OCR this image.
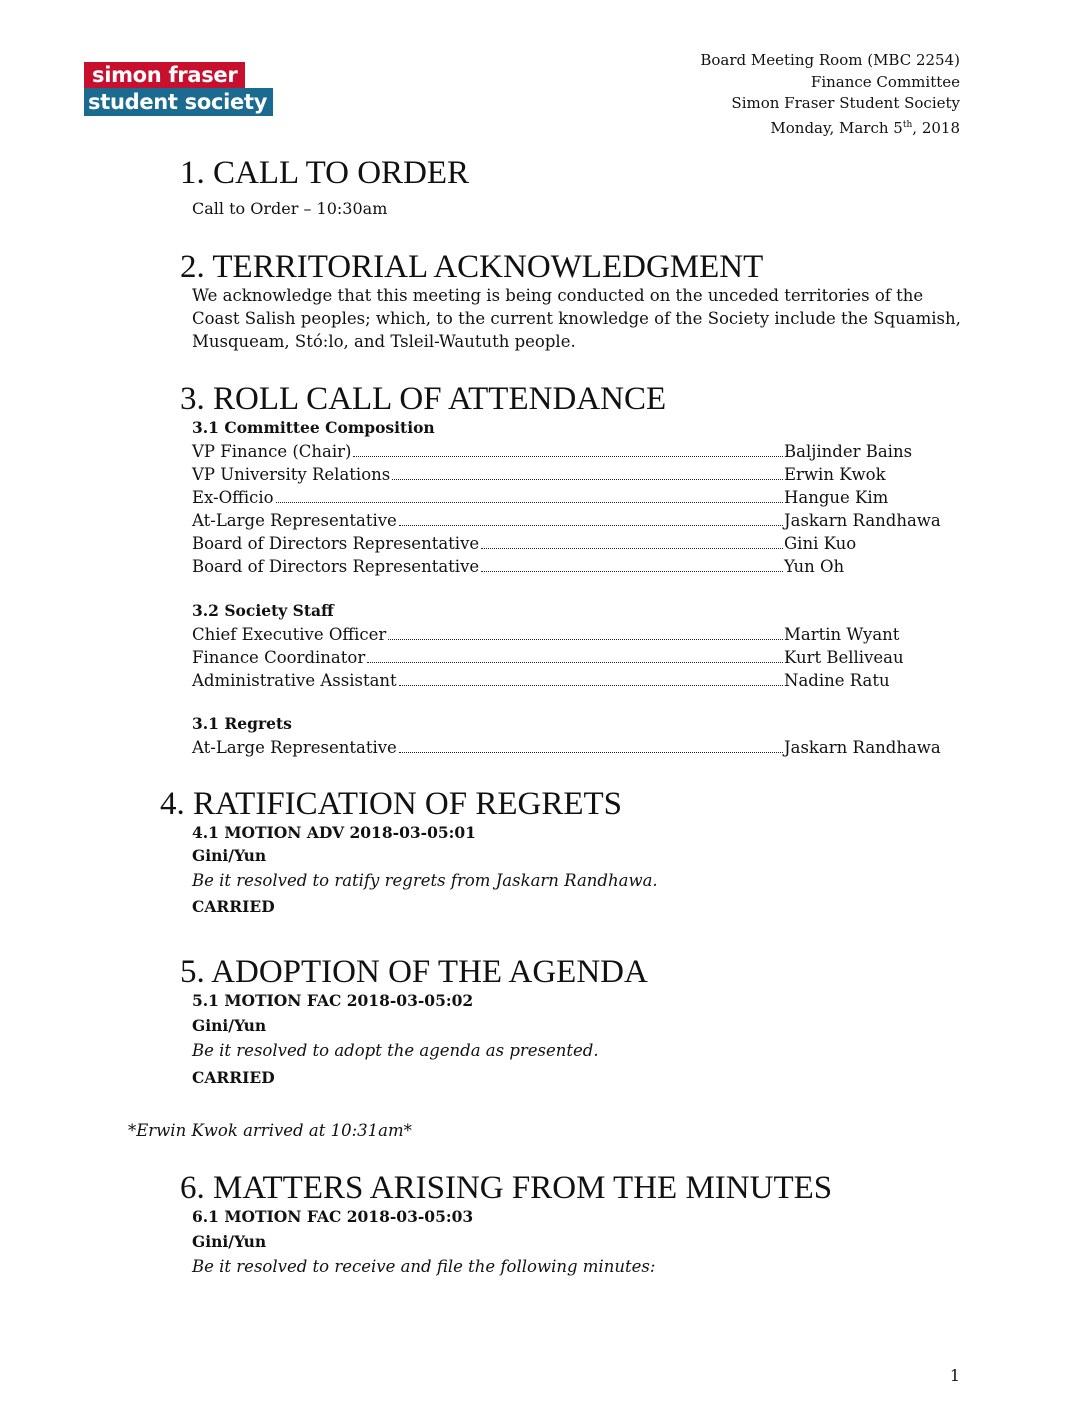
simon fraser
student society
Board Meeting Room (MBC 2254)
Finance Committee
Simon Fraser Student Society
Monday, March 5th, 2018
1. CALL TO ORDER
Call to Order – 10:30am
2. TERRITORIAL ACKNOWLEDGMENT
We acknowledge that this meeting is being conducted on the unceded territories of the Coast Salish peoples; which, to the current knowledge of the Society include the Squamish, Musqueam, Stó:lo, and Tsleil-Waututh people.
3. ROLL CALL OF ATTENDANCE
3.1 Committee Composition
VP Finance (Chair)	Baljinder Bains
VP University Relations	Erwin Kwok
Ex-Officio	Hangue Kim
At-Large Representative	Jaskarn Randhawa
Board of Directors Representative	Gini Kuo
Board of Directors Representative	Yun Oh
3.2 Society Staff
Chief Executive Officer	Martin Wyant
Finance Coordinator	Kurt Belliveau
Administrative Assistant	Nadine Ratu
3.1 Regrets
At-Large Representative	Jaskarn Randhawa
4. RATIFICATION OF REGRETS
4.1 MOTION ADV 2018-03-05:01
Gini/Yun
Be it resolved to ratify regrets from Jaskarn Randhawa.
CARRIED
5. ADOPTION OF THE AGENDA
5.1 MOTION FAC 2018-03-05:02
Gini/Yun
Be it resolved to adopt the agenda as presented.
CARRIED
*Erwin Kwok arrived at 10:31am*
6. MATTERS ARISING FROM THE MINUTES
6.1 MOTION FAC 2018-03-05:03
Gini/Yun
Be it resolved to receive and file the following minutes:
1
